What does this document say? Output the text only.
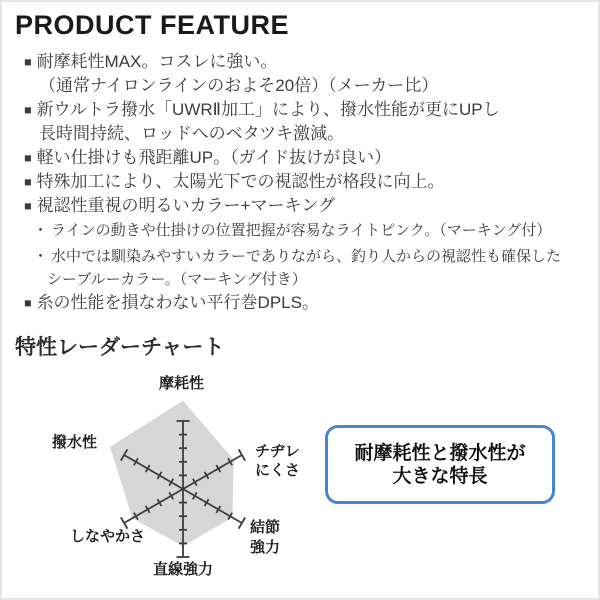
PRODUCT FEATURE
■ 耐摩耗性MAX。コスレに強い。
（通常ナイロンラインのおよそ20倍）（メーカー比）
■ 新ウルトラ撥水「UWRⅡ加工」により、撥水性能が更にUPし
長時間持続、ロッドへのベタツキ激減。
■ 軽い仕掛けも飛距離UP。（ガイド抜けが良い）
■ 特殊加工により、太陽光下での視認性が格段に向上。
■ 視認性重視の明るいカラー+マーキング
・ ラインの動きや仕掛けの位置把握が容易なライトピンク。（マーキング付）
・ 水中では馴染みやすいカラーでありながら、釣り人からの視認性も確保した
シーブルーカラー。（マーキング付き）
■ 糸の性能を損なわない平行巻DPLS。
特性レーダーチャート
摩耗性
チヂレ
にくさ
結節
強力
直線強力
しなやかさ
撥水性	耐摩耗性と撥水性が
大きな特長
